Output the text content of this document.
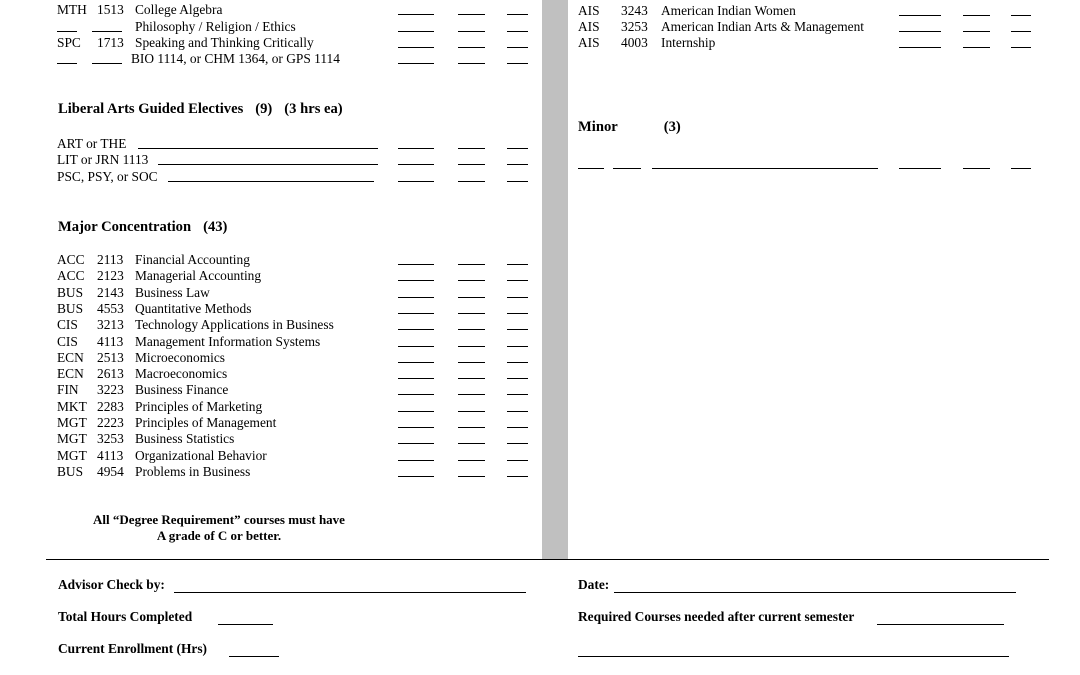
MTH 1513 College Algebra
Philosophy / Religion / Ethics
SPC 1713 Speaking and Thinking Critically
BIO 1114, or CHM 1364, or GPS 1114
Liberal Arts Guided Electives (9) (3 hrs ea)
ART or THE
LIT or JRN 1113
PSC, PSY, or SOC
Major Concentration (43)
ACC 2113 Financial Accounting
ACC 2123 Managerial Accounting
BUS 2143 Business Law
BUS 4553 Quantitative Methods
CIS 3213 Technology Applications in Business
CIS 4113 Management Information Systems
ECN 2513 Microeconomics
ECN 2613 Macroeconomics
FIN 3223 Business Finance
MKT 2283 Principles of Marketing
MGT 2223 Principles of Management
MGT 3253 Business Statistics
MGT 4113 Organizational Behavior
BUS 4954 Problems in Business
All “Degree Requirement” courses must have
A grade of C or better.
AIS 3243 American Indian Women
AIS 3253 American Indian Arts & Management
AIS 4003 Internship
Minor	(3)
Advisor Check by:	Date:
Total Hours Completed	Required Courses needed after current semester
Current Enrollment (Hrs)
